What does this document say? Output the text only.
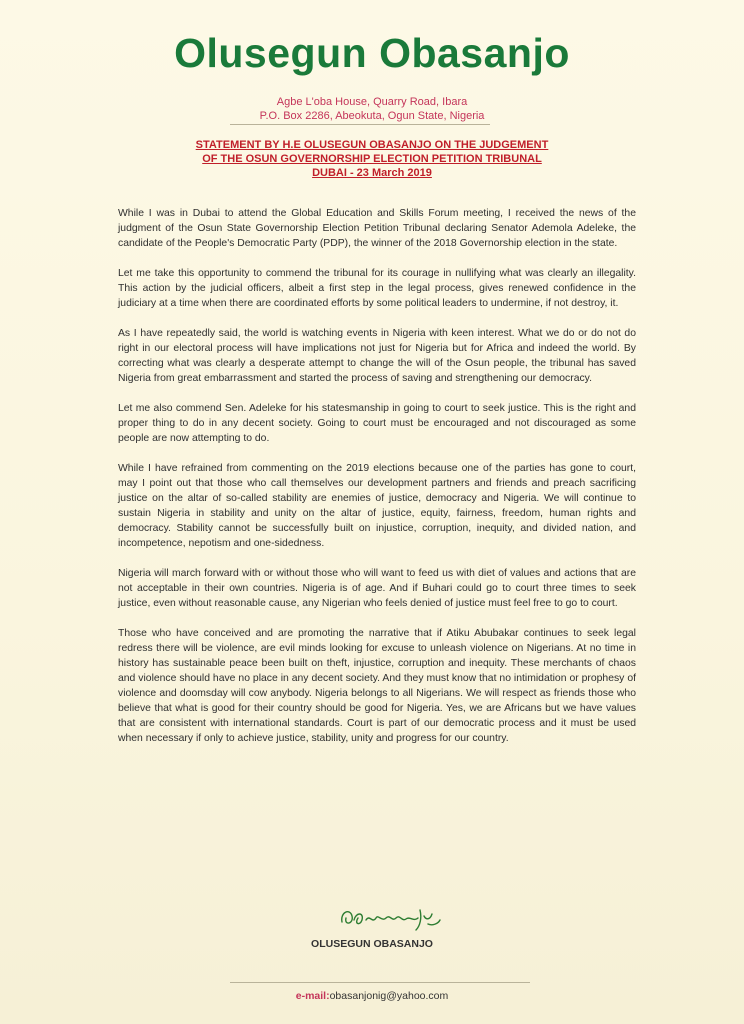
Olusegun Obasanjo
Agbe L'oba House, Quarry Road, Ibara
P.O. Box 2286, Abeokuta, Ogun State, Nigeria
STATEMENT BY H.E OLUSEGUN OBASANJO ON THE JUDGEMENT
OF THE OSUN GOVERNORSHIP ELECTION PETITION TRIBUNAL
DUBAI - 23 March 2019

While I was in Dubai to attend the Global Education and Skills Forum meeting, I received the news of the judgment of the Osun State Governorship Election Petition Tribunal declaring Senator Ademola Adeleke, the candidate of the People's Democratic Party (PDP), the winner of the 2018 Governorship election in the state.

Let me take this opportunity to commend the tribunal for its courage in nullifying what was clearly an illegality. This action by the judicial officers, albeit a first step in the legal process, gives renewed confidence in the judiciary at a time when there are coordinated efforts by some political leaders to undermine, if not destroy, it.

As I have repeatedly said, the world is watching events in Nigeria with keen interest. What we do or do not do right in our electoral process will have implications not just for Nigeria but for Africa and indeed the world. By correcting what was clearly a desperate attempt to change the will of the Osun people, the tribunal has saved Nigeria from great embarrassment and started the process of saving and strengthening our democracy.

Let me also commend Sen. Adeleke for his statesmanship in going to court to seek justice. This is the right and proper thing to do in any decent society. Going to court must be encouraged and not discouraged as some people are now attempting to do.

While I have refrained from commenting on the 2019 elections because one of the parties has gone to court, may I point out that those who call themselves our development partners and friends and preach sacrificing justice on the altar of so-called stability are enemies of justice, democracy and Nigeria. We will continue to sustain Nigeria in stability and unity on the altar of justice, equity, fairness, freedom, human rights and democracy. Stability cannot be successfully built on injustice, corruption, inequity, and divided nation, and incompetence, nepotism and one-sidedness.

Nigeria will march forward with or without those who will want to feed us with diet of values and actions that are not acceptable in their own countries. Nigeria is of age. And if Buhari could go to court three times to seek justice, even without reasonable cause, any Nigerian who feels denied of justice must feel free to go to court.

Those who have conceived and are promoting the narrative that if Atiku Abubakar continues to seek legal redress there will be violence, are evil minds looking for excuse to unleash violence on Nigerians. At no time in history has sustainable peace been built on theft, injustice, corruption and inequity. These merchants of chaos and violence should have no place in any decent society. And they must know that no intimidation or prophesy of violence and doomsday will cow anybody. Nigeria belongs to all Nigerians. We will respect as friends those who believe that what is good for their country should be good for Nigeria. Yes, we are Africans but we have values that are consistent with international standards. Court is part of our democratic process and it must be used when necessary if only to achieve justice, stability, unity and progress for our country.

OLUSEGUN OBASANJO
e-mail:obasanjonig@yahoo.com
